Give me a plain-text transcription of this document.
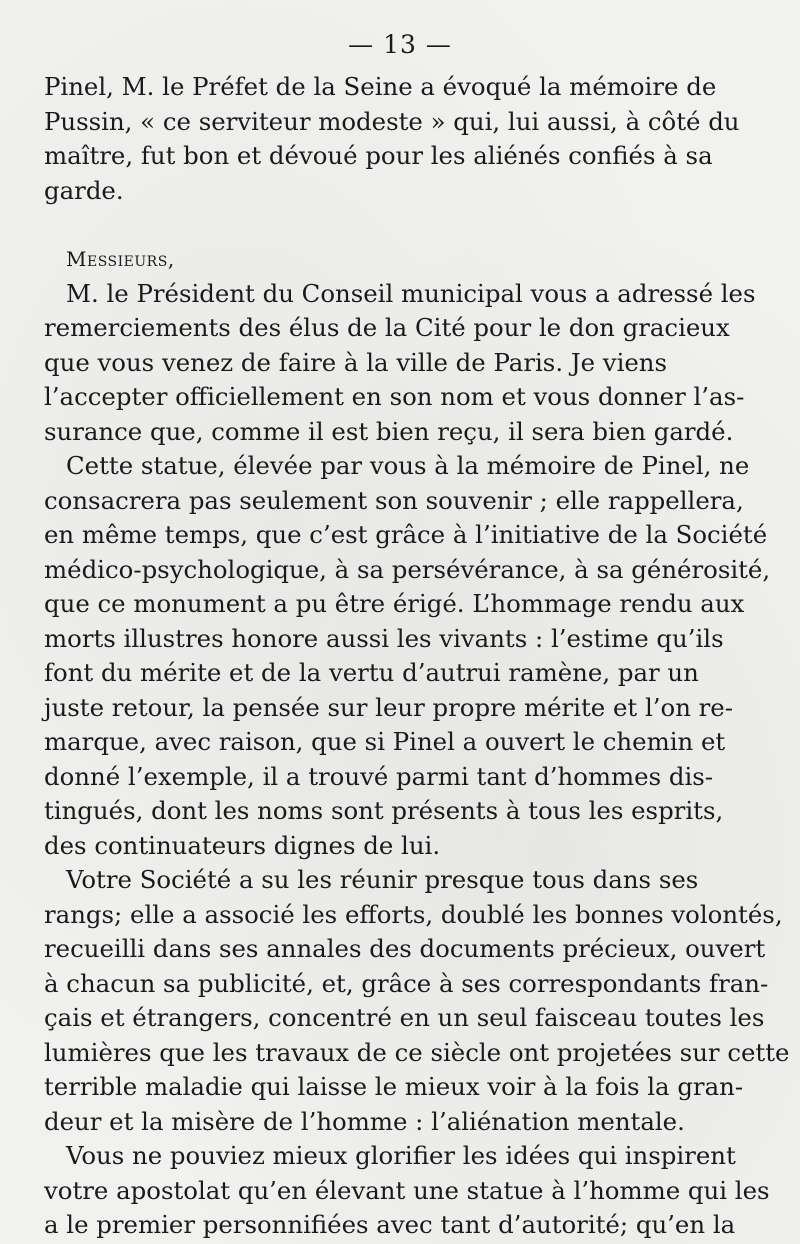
— 13 —
Pinel, M. le Préfet de la Seine a évoqué la mémoire de
Pussin, « ce serviteur modeste » qui, lui aussi, à côté du
maître, fut bon et dévoué pour les aliénés confiés à sa
garde.
Messieurs,
M. le Président du Conseil municipal vous a adressé les
remerciements des élus de la Cité pour le don gracieux
que vous venez de faire à la ville de Paris. Je viens
l’accepter officiellement en son nom et vous donner l’as-
surance que, comme il est bien reçu, il sera bien gardé.
Cette statue, élevée par vous à la mémoire de Pinel, ne
consacrera pas seulement son souvenir ; elle rappellera,
en même temps, que c’est grâce à l’initiative de la Société
médico-psychologique, à sa persévérance, à sa générosité,
que ce monument a pu être érigé. L’hommage rendu aux
morts illustres honore aussi les vivants : l’estime qu’ils
font du mérite et de la vertu d’autrui ramène, par un
juste retour, la pensée sur leur propre mérite et l’on re-
marque, avec raison, que si Pinel a ouvert le chemin et
donné l’exemple, il a trouvé parmi tant d’hommes dis-
tingués, dont les noms sont présents à tous les esprits,
des continuateurs dignes de lui.
Votre Société a su les réunir presque tous dans ses
rangs; elle a associé les efforts, doublé les bonnes volontés,
recueilli dans ses annales des documents précieux, ouvert
à chacun sa publicité, et, grâce à ses correspondants fran-
çais et étrangers, concentré en un seul faisceau toutes les
lumières que les travaux de ce siècle ont projetées sur cette
terrible maladie qui laisse le mieux voir à la fois la gran-
deur et la misère de l’homme : l’aliénation mentale.
Vous ne pouviez mieux glorifier les idées qui inspirent
votre apostolat qu’en élevant une statue à l’homme qui les
a le premier personnifiées avec tant d’autorité; qu’en la
